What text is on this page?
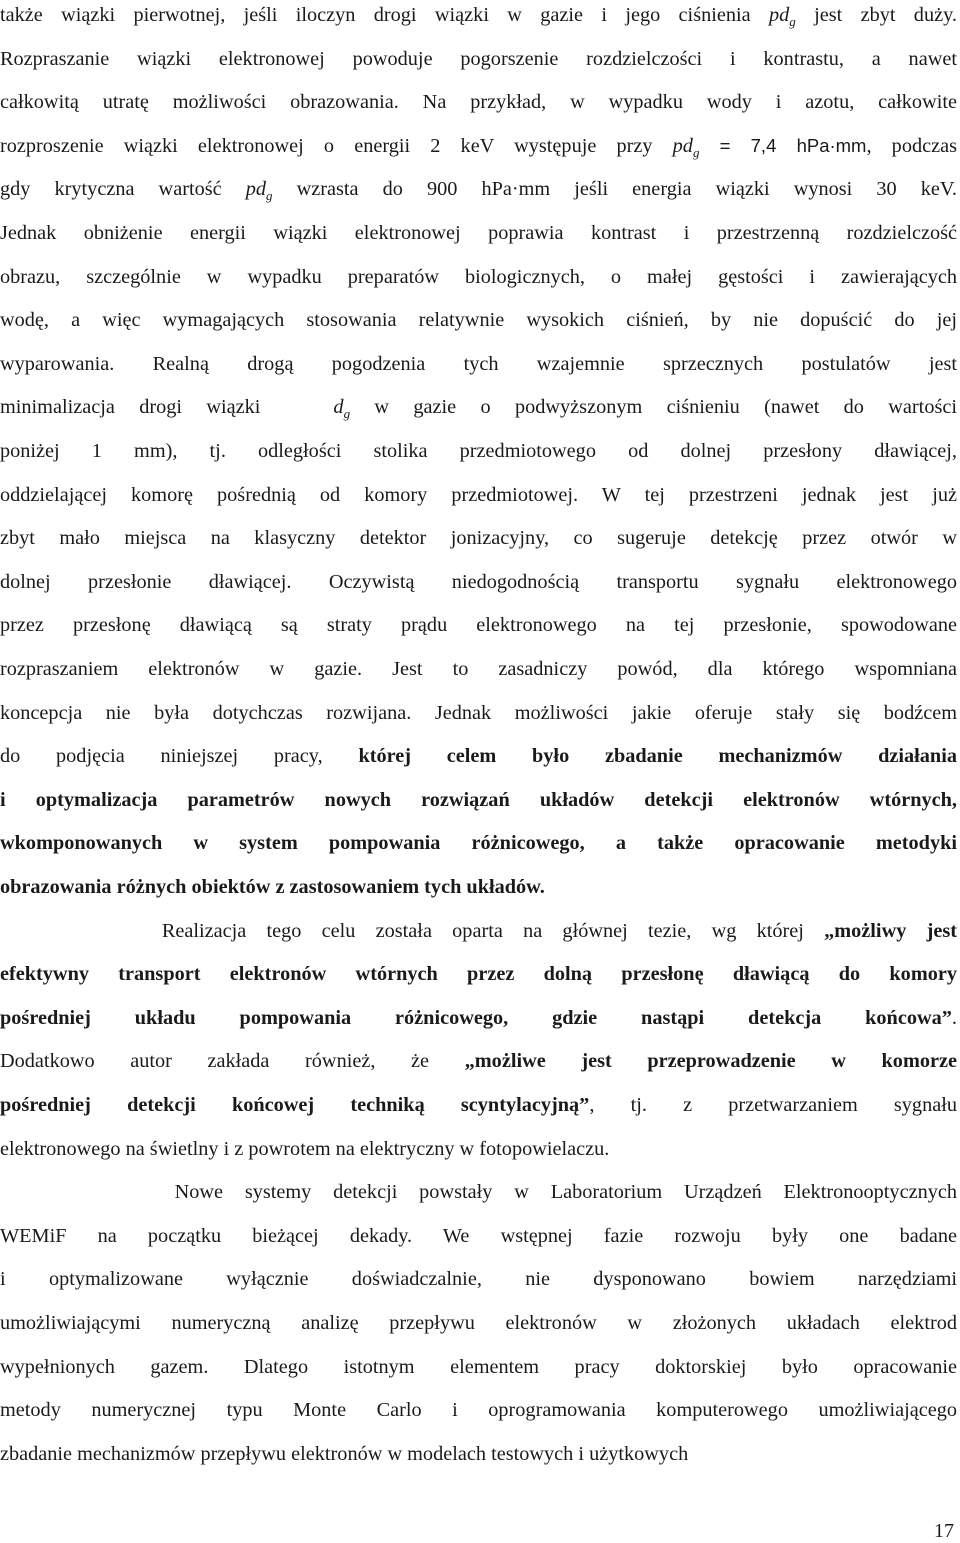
także wiązki pierwotnej, jeśli iloczyn drogi wiązki w gazie i jego ciśnienia $pd_g$ jest zbyt duży.
Rozpraszanie wiązki elektronowej powoduje pogorszenie rozdzielczości i kontrastu, a nawet
całkowitą utratę możliwości obrazowania. Na przykład, w wypadku wody i azotu, całkowite
rozproszenie wiązki elektronowej o energii 2 keV występuje przy $pd_g = 7,4$ hPa·mm, podczas
gdy krytyczna wartość $pd_g$ wzrasta do 900 hPa·mm jeśli energia wiązki wynosi 30 keV.
Jednak obniżenie energii wiązki elektronowej poprawia kontrast i przestrzenną rozdzielczość
obrazu, szczególnie w wypadku preparatów biologicznych, o małej gęstości i zawierających
wodę, a więc wymagających stosowania relatywnie wysokich ciśnień, by nie dopuścić do jej
wyparowania. Realną drogą pogodzenia tych wzajemnie sprzecznych postulatów jest
minimalizacja drogi wiązki   $d_g$ w gazie o podwyższonym ciśnieniu (nawet do wartości
poniżej 1 mm), tj. odległości stolika przedmiotowego od dolnej przesłony dławiącej,
oddzielającej komorę pośrednią od komory przedmiotowej. W tej przestrzeni jednak jest już
zbyt mało miejsca na klasyczny detektor jonizacyjny, co sugeruje detekcję przez otwór w
dolnej przesłonie dławiącej. Oczywistą niedogodnością transportu sygnału elektronowego
przez przesłonę dławiącą są straty prądu elektronowego na tej przesłonie, spowodowane
rozpraszaniem elektronów w gazie. Jest to zasadniczy powód, dla którego wspomniana
koncepcja nie była dotychczas rozwijana. Jednak możliwości jakie oferuje stały się bodźcem
do podjęcia niniejszej pracy, której celem było zbadanie mechanizmów działania
i optymalizacja parametrów nowych rozwiązań układów detekcji elektronów wtórnych,
wkomponowanych w system pompowania różnicowego, a także opracowanie metodyki
obrazowania różnych obiektów z zastosowaniem tych układów.
Realizacja tego celu została oparta na głównej tezie, wg której „możliwy jest
efektywny transport elektronów wtórnych przez dolną przesłonę dławiącą do komory
pośredniej układu pompowania różnicowego, gdzie nastąpi detekcja końcowa”.
Dodatkowo autor zakłada również, że „możliwe jest przeprowadzenie w komorze
pośredniej detekcji końcowej techniką scyntylacyjną”, tj. z przetwarzaniem sygnału
elektronowego na świetlny i z powrotem na elektryczny w fotopowielaczu.
Nowe systemy detekcji powstały w Laboratorium Urządzeń Elektronooptycznych
WEMiF na początku bieżącej dekady. We wstępnej fazie rozwoju były one badane
i optymalizowane wyłącznie doświadczalnie, nie dysponowano bowiem narzędziami
umożliwiającymi numeryczną analizę przepływu elektronów w złożonych układach elektrod
wypełnionych gazem. Dlatego istotnym elementem pracy doktorskiej było opracowanie
metody numerycznej typu Monte Carlo i oprogramowania komputerowego umożliwiającego
zbadanie mechanizmów przepływu elektronów w modelach testowych i użytkowych
17
